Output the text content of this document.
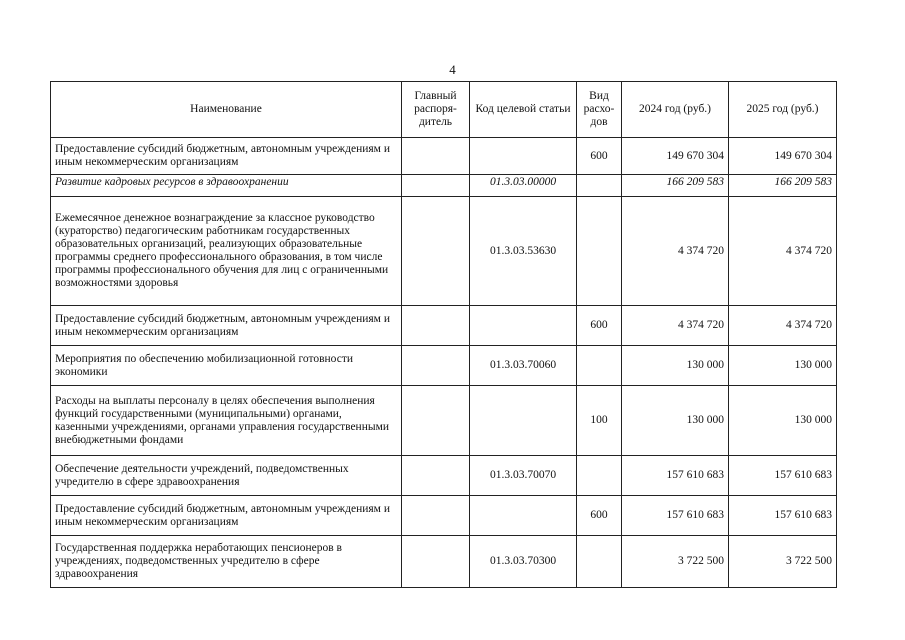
4
Наименование	Главный распоря-дитель	Код целевой статьи	Вид расхо-дов	2024 год (руб.)	2025 год (руб.)
Предоставление субсидий бюджетным, автономным учреждениям и иным некоммерческим организациям			600	149 670 304	149 670 304
Развитие кадровых ресурсов в здравоохранении		01.3.03.00000		166 209 583	166 209 583
Ежемесячное денежное вознаграждение за классное руководство (кураторство) педагогическим работникам государственных образовательных организаций, реализующих образовательные программы среднего профессионального образования, в том числе программы профессионального обучения для лиц с ограниченными возможностями здоровья		01.3.03.53630		4 374 720	4 374 720
Предоставление субсидий бюджетным, автономным учреждениям и иным некоммерческим организациям			600	4 374 720	4 374 720
Мероприятия по обеспечению мобилизационной готовности экономики		01.3.03.70060		130 000	130 000
Расходы на выплаты персоналу в целях обеспечения выполнения функций государственными (муниципальными) органами, казенными учреждениями, органами управления государственными внебюджетными фондами			100	130 000	130 000
Обеспечение деятельности учреждений, подведомственных учредителю в сфере здравоохранения		01.3.03.70070		157 610 683	157 610 683
Предоставление субсидий бюджетным, автономным учреждениям и иным некоммерческим организациям			600	157 610 683	157 610 683
Государственная поддержка неработающих пенсионеров в учреждениях, подведомственных учредителю в сфере здравоохранения		01.3.03.70300		3 722 500	3 722 500
